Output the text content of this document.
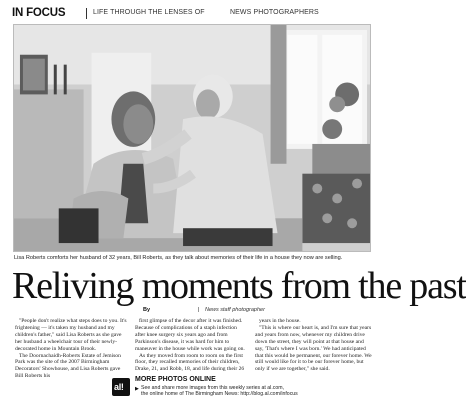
IN FOCUS	LIFE THROUGH THE LENSES OF	NEWS PHOTOGRAPHERS
Lisa Roberts comforts her husband of 32 years, Bill Roberts, as they talk about memories of their life in a house they now are selling.
Reliving moments from the past
By	| News staff photographer

"People don't realize what steps does to you. It's frightening — it's taken my husband and my children's father," said Lisa Roberts as she gave her husband a wheelchair tour of their newly-decorated home in Mountain Brook.

The Doornachaidh-Roberts Estate of Jemison Park was the site of the 2007 Birmingham Decorators' Showhouse, and Lisa Roberts gave Bill Roberts his

first glimpse of the decor after it was finished. Because of complications of a staph infection after knee surgery six years ago and from Parkinson's disease, it was hard for him to maneuver in the house while work was going on.

As they moved from room to room on the first floor, they recalled memories of their children, Drake, 21, and Robb, 18, and life during their 26

years in the house.

"This is where our heart is, and I'm sure that years and years from now, whenever my children drive down the street, they will point at that house and say, 'That's where I was born.' We had anticipated that this would be permanent, our forever home. We still would like for it to be our forever home, but only if we are together," she said.

al!
MORE PHOTOS ONLINE
▶ See and share more images from this weekly series at al.com,
the online home of The Birmingham News: http://blog.al.com/infocus
